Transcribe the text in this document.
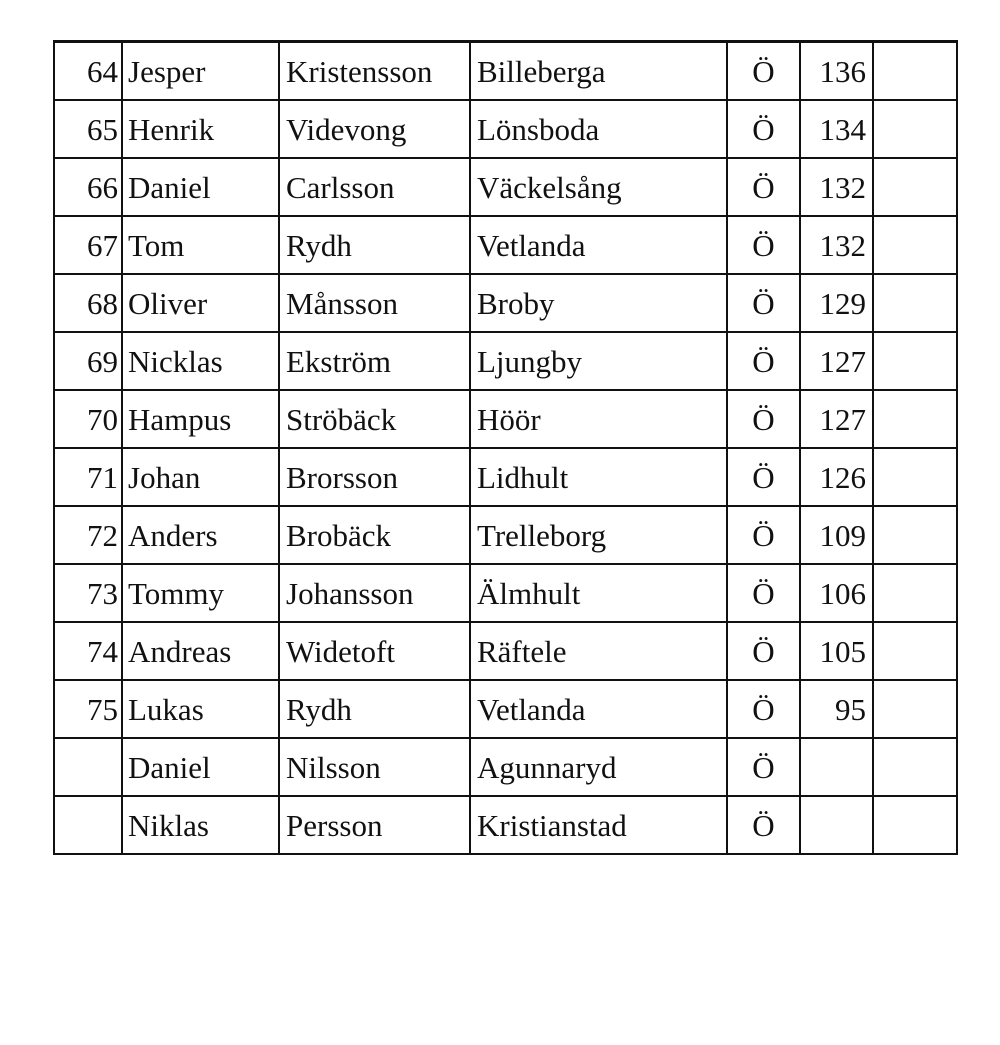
64	Jesper	Kristensson	Billeberga	Ö	136	
65	Henrik	Videvong	Lönsboda	Ö	134	
66	Daniel	Carlsson	Väckelsång	Ö	132	
67	Tom	Rydh	Vetlanda	Ö	132	
68	Oliver	Månsson	Broby	Ö	129	
69	Nicklas	Ekström	Ljungby	Ö	127	
70	Hampus	Ströbäck	Höör	Ö	127	
71	Johan	Brorsson	Lidhult	Ö	126	
72	Anders	Brobäck	Trelleborg	Ö	109	
73	Tommy	Johansson	Älmhult	Ö	106	
74	Andreas	Widetoft	Räftele	Ö	105	
75	Lukas	Rydh	Vetlanda	Ö	95	
	Daniel	Nilsson	Agunnaryd	Ö		
	Niklas	Persson	Kristianstad	Ö		
